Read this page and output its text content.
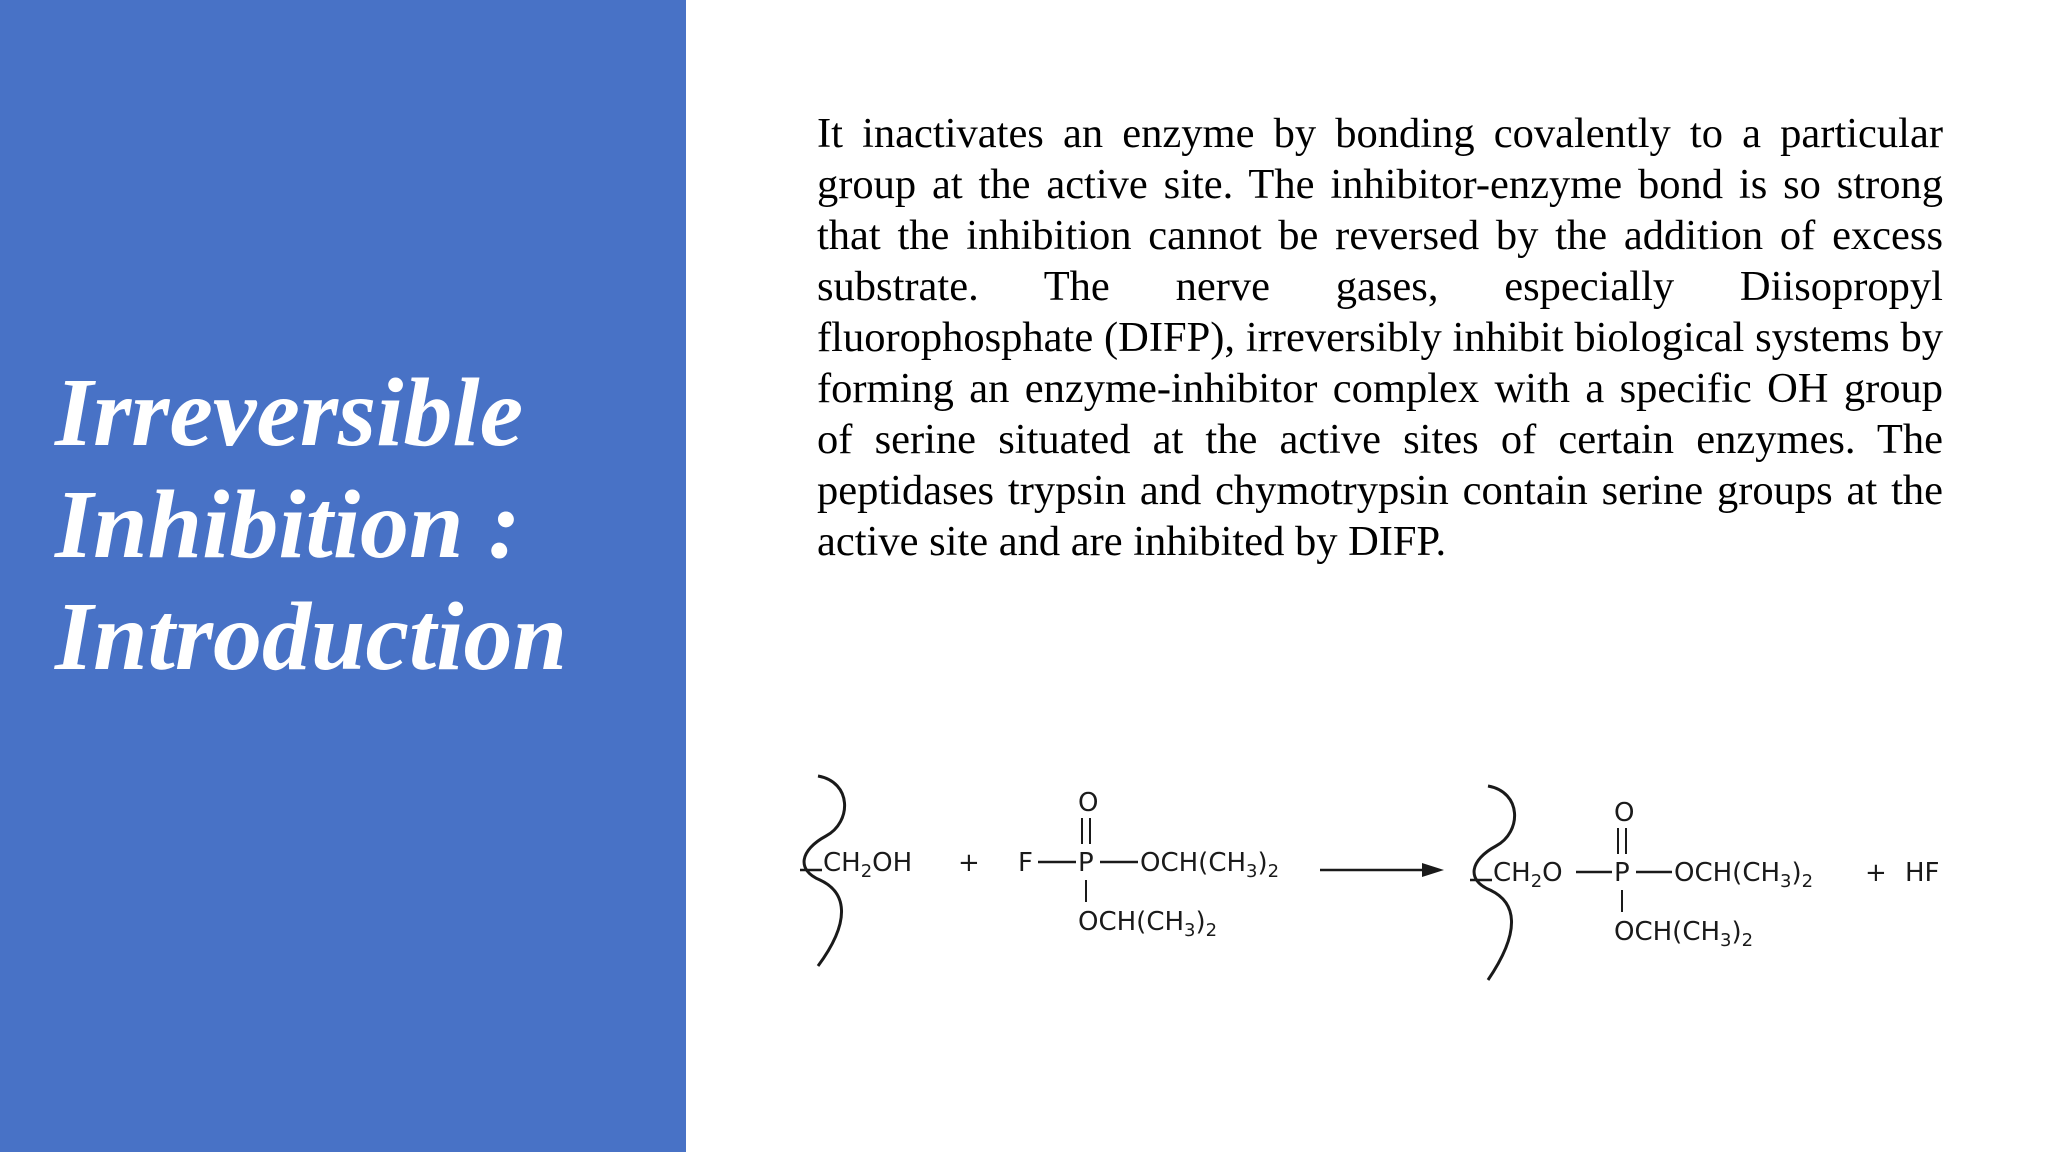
Irreversible
Inhibition :
Introduction
It inactivates an enzyme by bonding covalently to a particular group at the active site. The inhibitor-enzyme bond is so strong that the inhibition cannot be reversed by the addition of excess substrate. The nerve gases, especially Diisopropyl fluorophosphate (DIFP), irreversibly inhibit biological systems by forming an enzyme-inhibitor complex with a specific OH group of serine situated at the active sites of certain enzymes. The peptidases trypsin and chymotrypsin contain serine groups at the active site and are inhibited by DIFP.
$CH_2OH + F$ P
O
$OCH(CH_3)_2$
$OCH(CH_3)_2$
$CH_2O$ P
O
$OCH(CH_3)_2$
$OCH(CH_3)_2$
+ HF
